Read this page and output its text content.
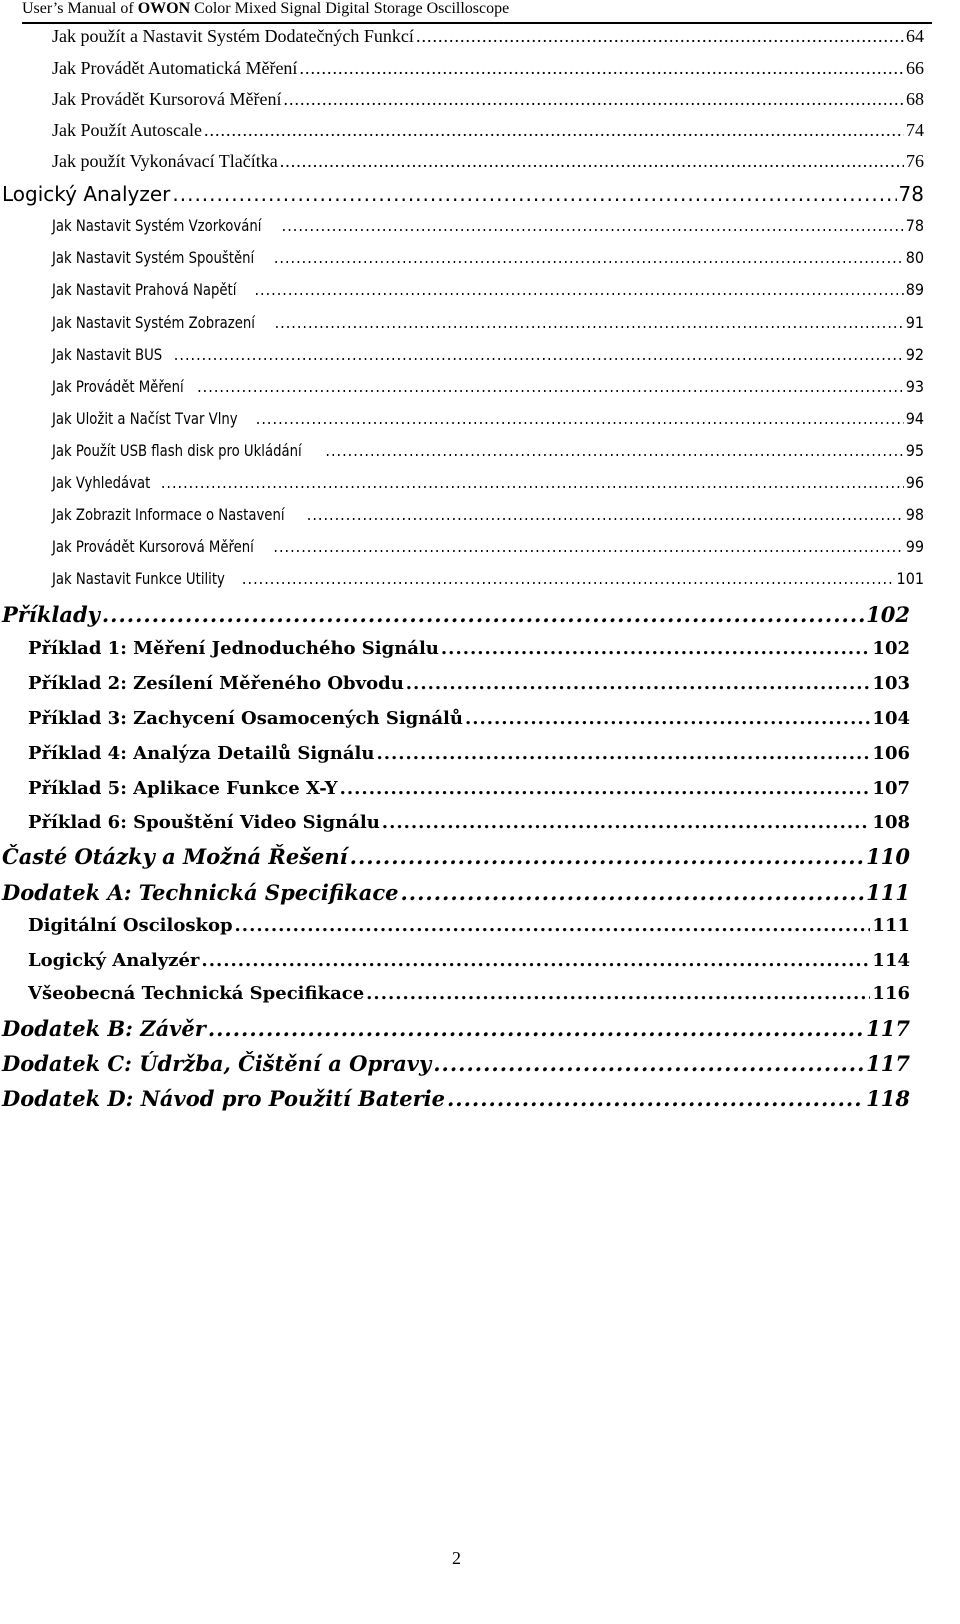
User’s Manual of OWON Color Mixed Signal Digital Storage Oscilloscope
Jak použít a Nastavit Systém Dodatečných Funkcí .....	64
Jak Provádět Automatická Měření .....	66
Jak Provádět Kursorová Měření .....	68
Jak Použít Autoscale .....	74
Jak použít Vykonávací Tlačítka .....	76
Logický Analyzer .....	78
Jak Nastavit Systém Vzorkování .....	78
Jak Nastavit Systém Spouštění .....	80
Jak Nastavit Prahová Napětí .....	89
Jak Nastavit Systém Zobrazení .....	91
Jak Nastavit BUS .....	92
Jak Provádět Měření .....	93
Jak Uložit a Načíst Tvar Vlny .....	94
Jak Použít USB flash disk pro Ukládání .....	95
Jak Vyhledávat .....	96
Jak Zobrazit Informace o Nastavení .....	98
Jak Provádět Kursorová Měření .....	99
Jak Nastavit Funkce Utility .....	101
Příklady .....	102
Příklad 1: Měření Jednoduchého Signálu .....	102
Příklad 2: Zesílení Měřeného Obvodu .....	103
Příklad 3: Zachycení Osamocených Signálů .....	104
Příklad 4: Analýza Detailů Signálu .....	106
Příklad 5: Aplikace Funkce X-Y .....	107
Příklad 6: Spouštění Video Signálu .....	108
Časté Otázky a Možná Řešení .....	110
Dodatek A: Technická Specifikace .....	111
Digitální Osciloskop .....	111
Logický Analyzér .....	114
Všeobecná Technická Specifikace .....	116
Dodatek B: Závěr .....	117
Dodatek C: Údržba, Čištění a Opravy .....	117
Dodatek D: Návod pro Použití Baterie .....	118
2
